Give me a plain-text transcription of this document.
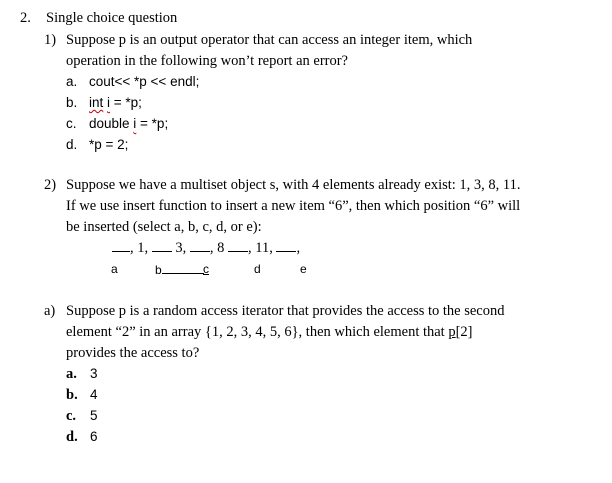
2. Single choice question
1) Suppose p is an output operator that can access an integer item, which
operation in the following won’t report an error?
a. cout<< *p << endl;
b. int i = *p;
c. double i = *p;
d. *p = 2;
2) Suppose we have a multiset object s, with 4 elements already exist: 1, 3, 8, 11.
If we use insert function to insert a new item “6”, then which position “6” will
be inserted (select a, b, c, d, or e):
, 1, 3, , 8 , 11, ,
a	b	c	d	e
a) Suppose p is a random access iterator that provides the access to the second
element “2” in an array {1, 2, 3, 4, 5, 6}, then which element that p[2]
provides the access to?
a. 3
b. 4
c. 5
d. 6
